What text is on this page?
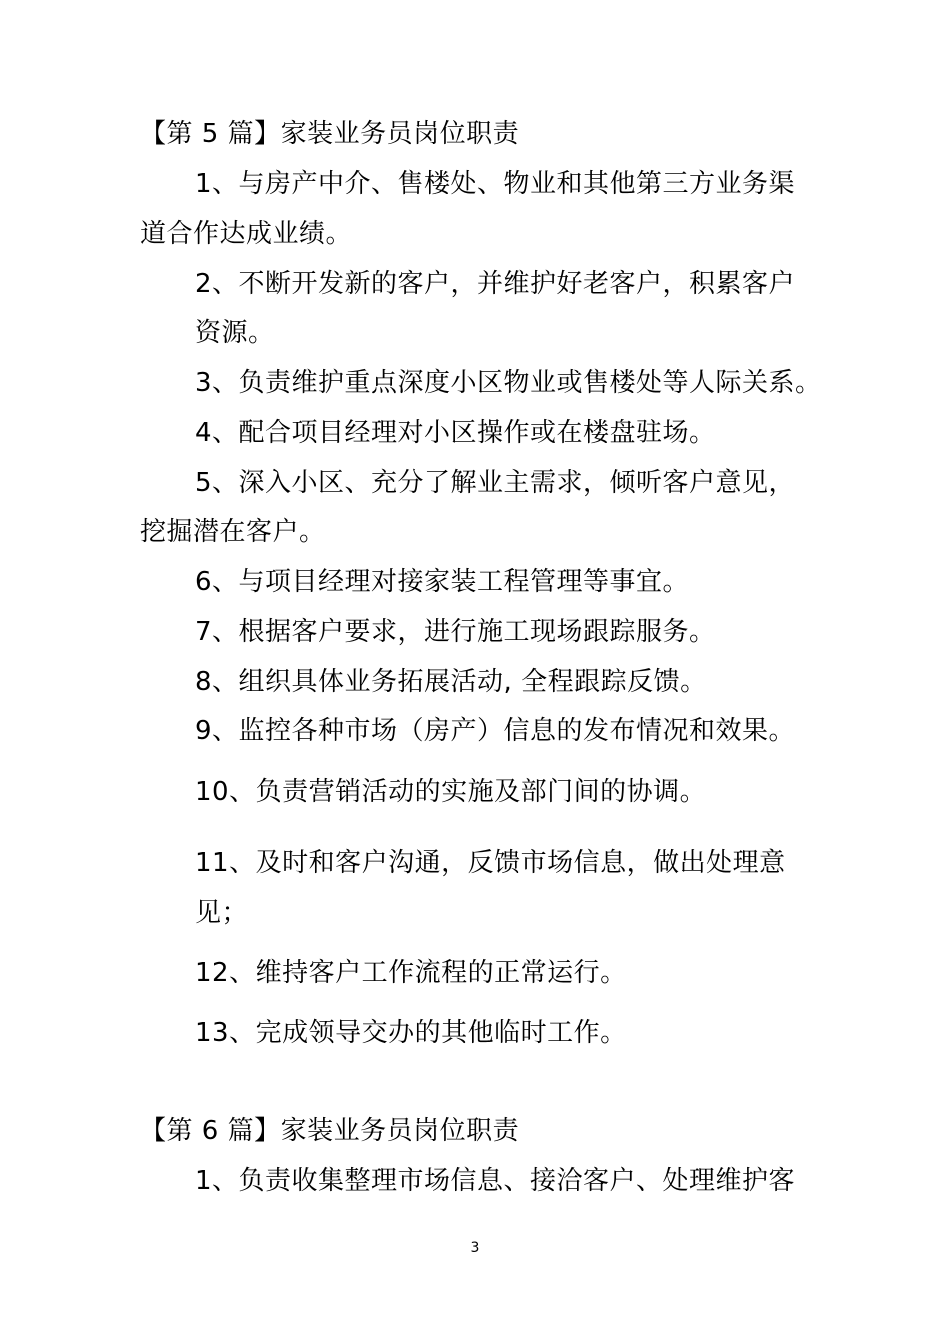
【第 5 篇】家装业务员岗位职责
1、与房产中介、售楼处、物业和其他第三方业务渠
道合作达成业绩。
2、不断开发新的客户，并维护好老客户，积累客户
资源。
3、负责维护重点深度小区物业或售楼处等人际关系。
4、配合项目经理对小区操作或在楼盘驻场。
5、深入小区、充分了解业主需求，倾听客户意见，
挖掘潜在客户。
6、与项目经理对接家装工程管理等事宜。
7、根据客户要求，进行施工现场跟踪服务。
8、组织具体业务拓展活动, 全程跟踪反馈。
9、监控各种市场（房产）信息的发布情况和效果。
10、负责营销活动的实施及部门间的协调。
11、及时和客户沟通，反馈市场信息，做出处理意
见；
12、维持客户工作流程的正常运行。
13、完成领导交办的其他临时工作。
【第 6 篇】家装业务员岗位职责
1、负责收集整理市场信息、接洽客户、处理维护客
3
